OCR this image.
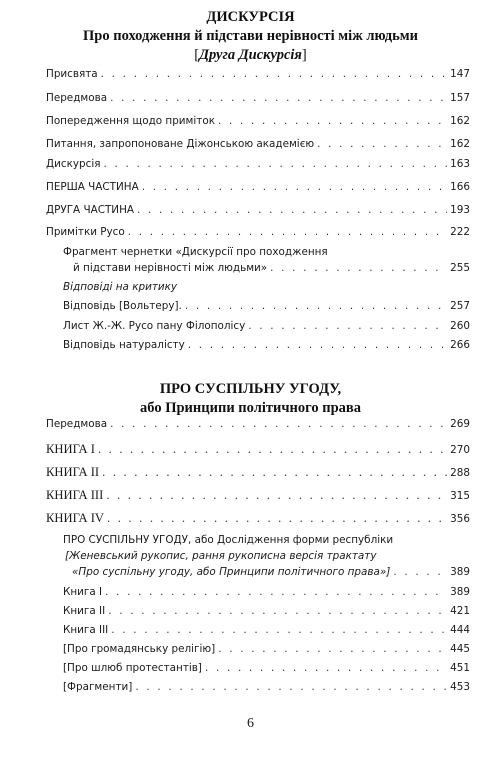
ДИСКУРСІЯ
Про походження й підстави нерівності між людьми
[Друга Дискурсія]
Присвята . . .	147
Передмова . . .	157
Попередження щодо приміток . . .	162
Питання, запропоноване Діжонською академією . . .	162
Дискурсія . . .	163
ПЕРША ЧАСТИНА . . .	166
ДРУГА ЧАСТИНА . . .	193
Примітки Русо . . .	222
Фрагмент чернетки «Дискурсії про походження
й підстави нерівності між людьми» . . .	255
Відповіді на критику
Відповідь [Вольтеру]. . . .	257
Лист Ж.-Ж. Русо пану Філополісу . . .	260
Відповідь натуралісту . . .	266
ПРО СУСПІЛЬНУ УГОДУ,
або Принципи політичного права
Передмова . . .	269
КНИГА I . . .	270
КНИГА II . . .	288
КНИГА III . . .	315
КНИГА IV . . .	356
ПРО СУСПІЛЬНУ УГОДУ, або Дослідження форми республіки
[Женевський рукопис, рання рукописна версія трактату
«Про суспільну угоду, або Принципи політичного права»] . . .	389
Книга I . . .	389
Книга II . . .	421
Книга III . . .	444
[Про громадянську релігію] . . .	445
[Про шлюб протестантів] . . .	451
[Фрагменти] . . .	453
6
